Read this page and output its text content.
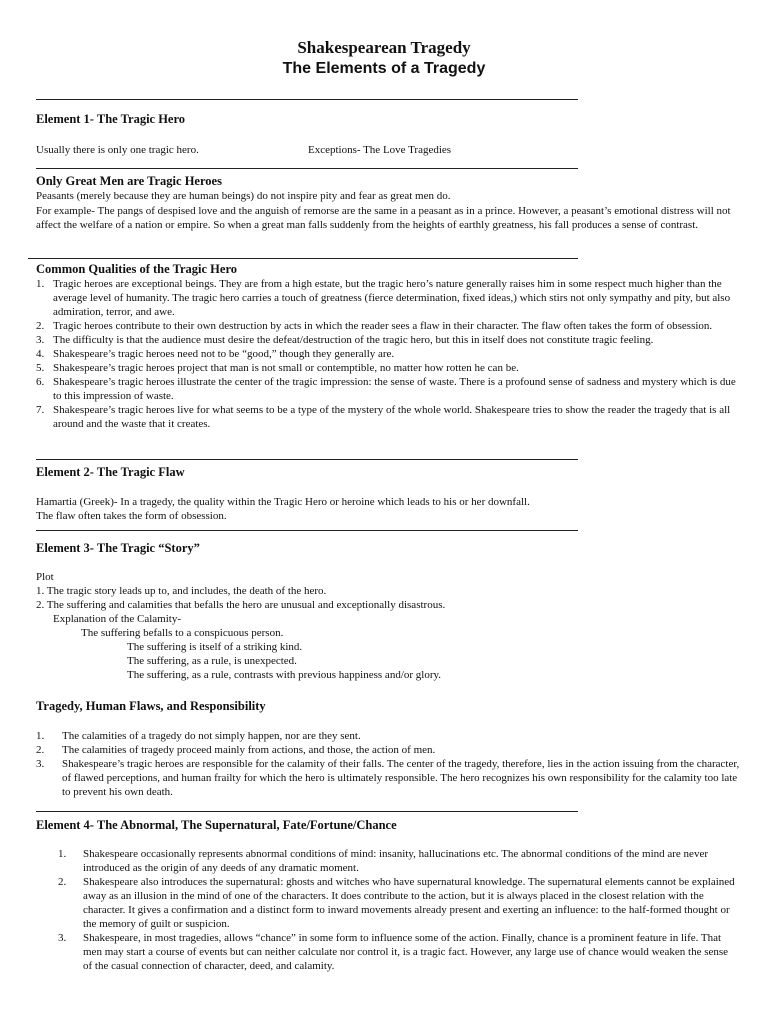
Shakespearean Tragedy
The Elements of a Tragedy
Element 1- The Tragic Hero
Usually there is only one tragic hero.	Exceptions- The Love Tragedies
Only Great Men are Tragic Heroes
Peasants (merely because they are human beings) do not inspire pity and fear as great men do.

For example- The pangs of despised love and the anguish of remorse are the same in a peasant as in a prince. However, a peasant’s emotional distress will not affect the welfare of a nation or empire. So when a great man falls suddenly from the heights of earthly greatness, his fall produces a sense of contrast.

Common Qualities of the Tragic Hero
1. Tragic heroes are exceptional beings. They are from a high estate, but the tragic hero’s nature generally raises him in some respect much higher than the average level of humanity. The tragic hero carries a touch of greatness (fierce determination, fixed ideas,) which stirs not only sympathy and pity, but also admiration, terror, and awe.
2. Tragic heroes contribute to their own destruction by acts in which the reader sees a flaw in their character. The flaw often takes the form of obsession.
3. The difficulty is that the audience must desire the defeat/destruction of the tragic hero, but this in itself does not constitute tragic feeling.
4. Shakespeare’s tragic heroes need not to be “good,” though they generally are.
5. Shakespeare’s tragic heroes project that man is not small or contemptible, no matter how rotten he can be.
6. Shakespeare’s tragic heroes illustrate the center of the tragic impression: the sense of waste. There is a profound sense of sadness and mystery which is due to this impression of waste.
7. Shakespeare’s tragic heroes live for what seems to be a type of the mystery of the whole world. Shakespeare tries to show the reader the tragedy that is all around and the waste that it creates.
Element 2- The Tragic Flaw
Hamartia (Greek)- In a tragedy, the quality within the Tragic Hero or heroine which leads to his or her downfall.
The flaw often takes the form of obsession.
Element 3- The Tragic “Story”
Plot
1. The tragic story leads up to, and includes, the death of the hero.
2. The suffering and calamities that befalls the hero are unusual and exceptionally disastrous.
Explanation of the Calamity-
The suffering befalls to a conspicuous person.
The suffering is itself of a striking kind.
The suffering, as a rule, is unexpected.
The suffering, as a rule, contrasts with previous happiness and/or glory.
Tragedy, Human Flaws, and Responsibility
1. The calamities of a tragedy do not simply happen, nor are they sent.
2. The calamities of tragedy proceed mainly from actions, and those, the action of men.
3. Shakespeare’s tragic heroes are responsible for the calamity of their falls. The center of the tragedy, therefore, lies in the action issuing from the character, of flawed perceptions, and human frailty for which the hero is ultimately responsible. The hero recognizes his own responsibility for the calamity too late to prevent his own death.
Element 4- The Abnormal, The Supernatural, Fate/Fortune/Chance
1. Shakespeare occasionally represents abnormal conditions of mind: insanity, hallucinations etc. The abnormal conditions of the mind are never introduced as the origin of any deeds of any dramatic moment.
2. Shakespeare also introduces the supernatural: ghosts and witches who have supernatural knowledge. The supernatural elements cannot be explained away as an illusion in the mind of one of the characters. It does contribute to the action, but it is always placed in the closest relation with the character. It gives a confirmation and a distinct form to inward movements already present and exerting an influence: to the half-formed thought or the memory of guilt or suspicion.
3. Shakespeare, in most tragedies, allows “chance” in some form to influence some of the action. Finally, chance is a prominent feature in life. That men may start a course of events but can neither calculate nor control it, is a tragic fact. However, any large use of chance would weaken the sense of the casual connection of character, deed, and calamity.
